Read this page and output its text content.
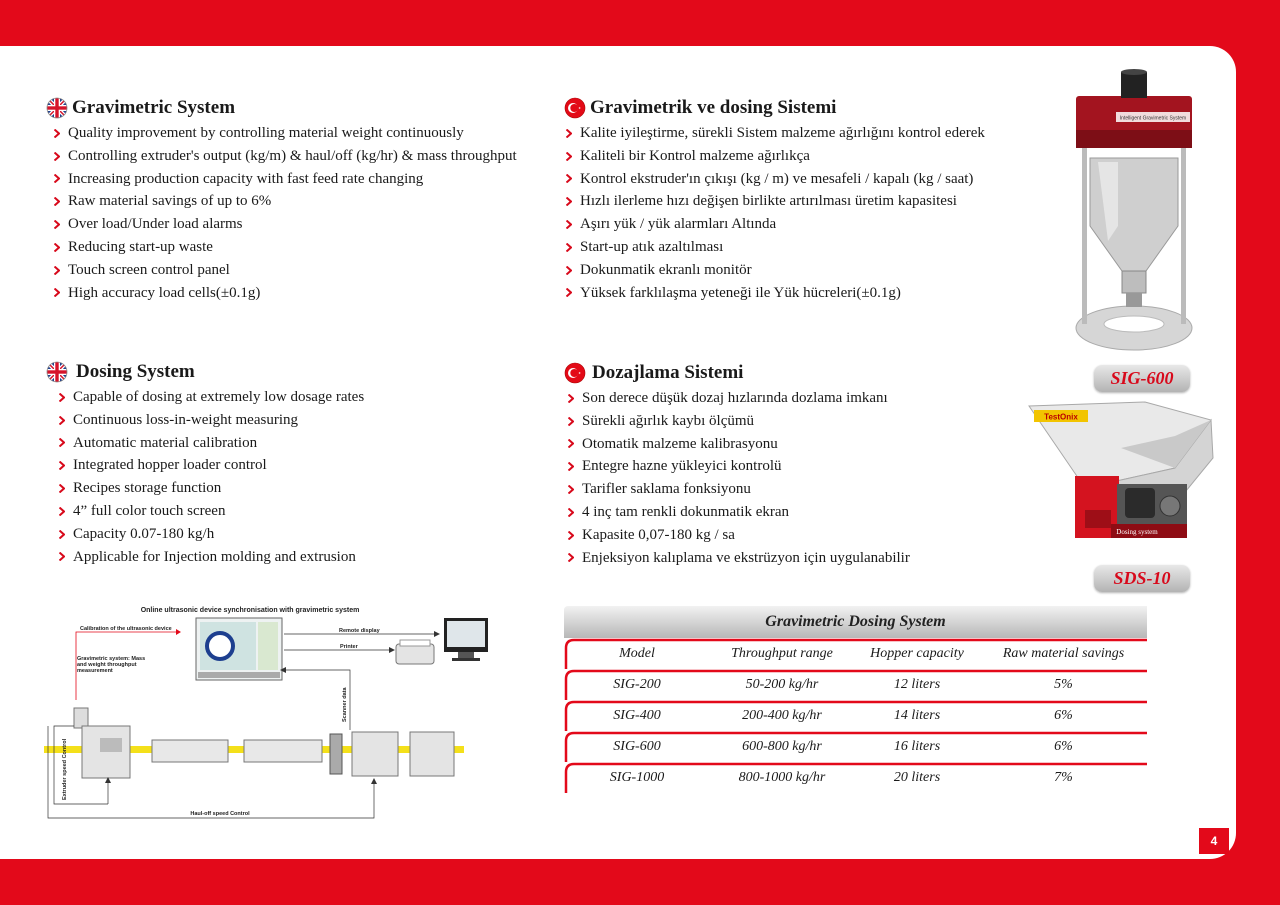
Gravimetric System
Quality improvement by controlling material weight continuously
Controlling extruder's output (kg/m) & haul/off (kg/hr) & mass throughput
Increasing production capacity with fast feed rate changing
Raw material savings of up to 6%
Over load/Under load alarms
Reducing start-up waste
Touch screen control panel
High accuracy load cells(±0.1g)
Gravimetrik ve dosing Sistemi
Kalite iyileştirme, sürekli Sistem malzeme ağırlığını kontrol ederek
Kaliteli bir Kontrol malzeme ağırlıkça
Kontrol ekstruder'ın çıkışı (kg / m) ve mesafeli / kapalı (kg / saat)
Hızlı ilerleme hızı değişen birlikte artırılması üretim kapasitesi
Aşırı yük / yük alarmları Altında
Start-up atık azaltılması
Dokunmatik ekranlı monitör
Yüksek farklılaşma yeteneği ile Yük hücreleri(±0.1g)
Dosing System
Capable of dosing at extremely low dosage rates
Continuous loss-in-weight measuring
Automatic material calibration
Integrated hopper loader control
Recipes storage function
4” full color touch screen
Capacity 0.07-180 kg/h
Applicable for Injection molding and extrusion
Dozajlama Sistemi
Son derece düşük dozaj hızlarında dozlama imkanı
Sürekli ağırlık kaybı ölçümü
Otomatik malzeme kalibrasyonu
Entegre hazne yükleyici kontrolü
Tarifler saklama fonksiyonu
4 inç tam renkli dokunmatik ekran
Kapasite 0,07-180 kg / sa
Enjeksiyon kalıplama ve ekstrüzyon için uygulanabilir
Intelligent Gravimetric System
SIG-600
TestOnix
Dosing system
SDS-10
Online ultrasonic device synchronisation with gravimetric system
Calibration of the ultrasonic device
Gravimetric system: Mass
and weight throughput
measurement
Remote display
Printer
Scanner data
Extruder speed Control
Haul-off speed Control
Gravimetric Dosing System
Model	Throughput range	Hopper capacity	Raw material savings
SIG-200	50-200 kg/hr	12 liters	5%
SIG-400	200-400 kg/hr	14 liters	6%
SIG-600	600-800 kg/hr	16 liters	6%
SIG-1000	800-1000 kg/hr	20 liters	7%
4
